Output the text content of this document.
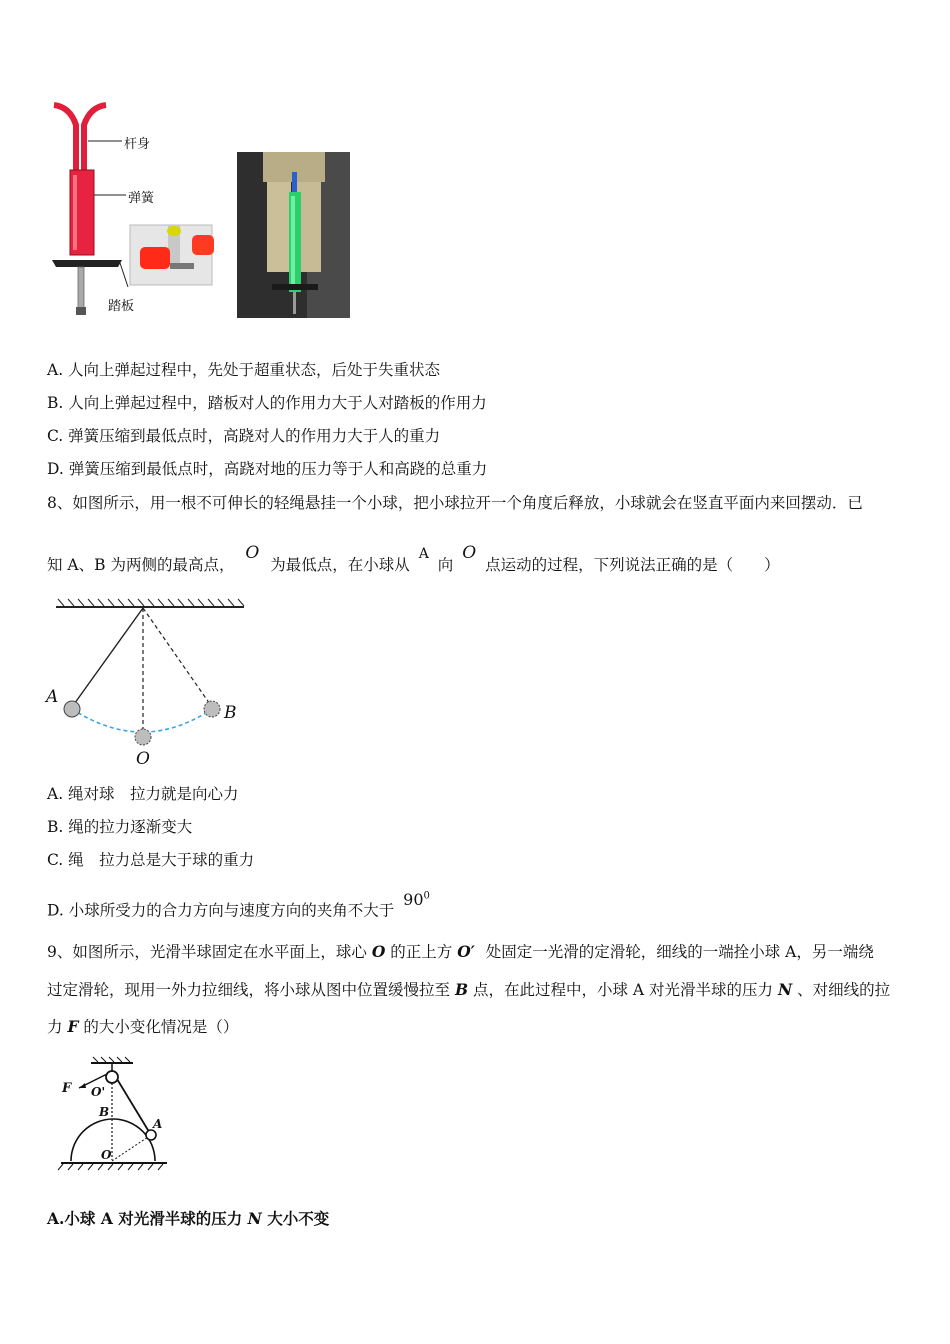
杆身
弹簧
踏板
A. 人向上弹起过程中，先处于超重状态，后处于失重状态
B. 人向上弹起过程中，踏板对人的作用力大于人对踏板的作用力
C. 弹簧压缩到最低点时，高跷对人的作用力大于人的重力
D. 弹簧压缩到最低点时，高跷对地的压力等于人和高跷的总重力
8、如图所示，用一根不可伸长的轻绳悬挂一个小球，把小球拉开一个角度后释放，小球就会在竖直平面内来回摆动．已
知 A、B 为两侧的最高点， O 为最低点，在小球从 A 向 O 点运动的过程，下列说法正确的是（　　）
A
B
O
A. 绳对球　拉力就是向心力
B. 绳的拉力逐渐变大
C. 绳　拉力总是大于球的重力
D. 小球所受力的合力方向与速度方向的夹角不大于 $90^0$
9、如图所示，光滑半球固定在水平面上，球心 O 的正上方 O′ 处固定一光滑的定滑轮，细线的一端拴小球 A，另一端绕
过定滑轮，现用一外力拉细线，将小球从图中位置缓慢拉至 B 点，在此过程中，小球 A 对光滑半球的压力 N 、对细线的拉
力 F 的大小变化情况是（）
F O'
B
A
O
A.小球 A 对光滑半球的压力 N 大小不变
